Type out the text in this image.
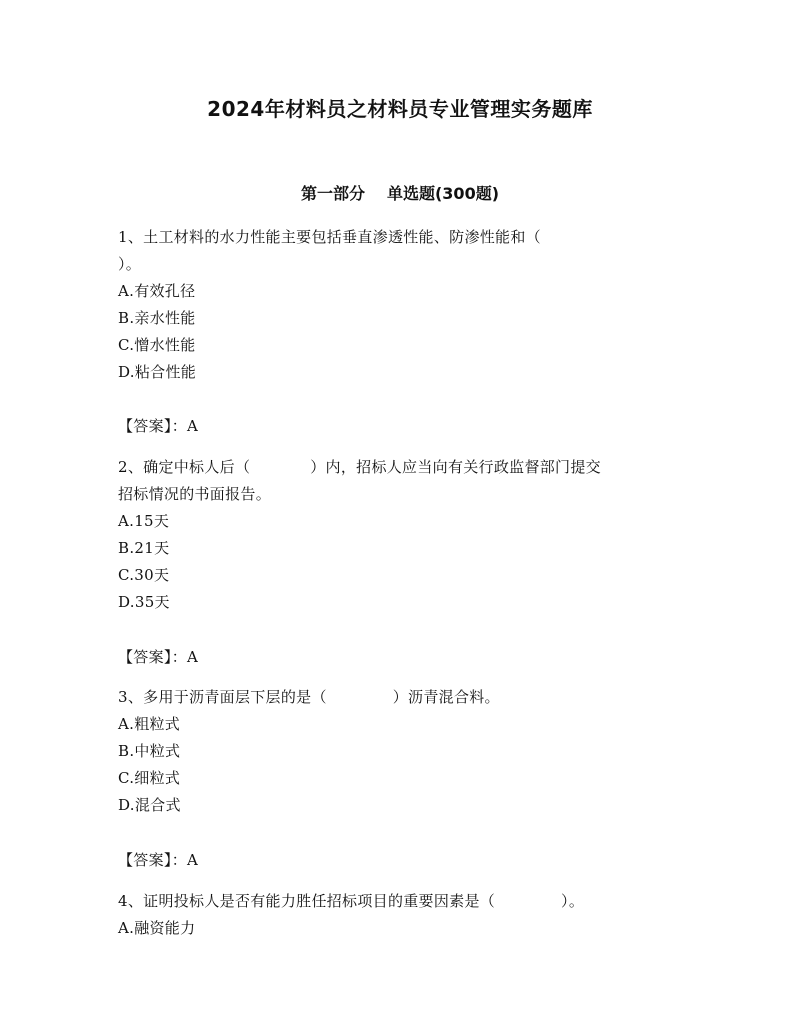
2024年材料员之材料员专业管理实务题库
第一部分 单选题(300题)

1、土工材料的水力性能主要包括垂直渗透性能、防渗性能和（

）。

A.有效孔径

B.亲水性能

C.憎水性能

D.粘合性能

【答案】：A

2、确定中标人后（	）内，招标人应当向有关行政监督部门提交

招标情况的书面报告。

A.15天

B.21天

C.30天

D.35天

【答案】：A

3、多用于沥青面层下层的是（	）沥青混合料。

A.粗粒式

B.中粒式

C.细粒式

D.混合式

【答案】：A

4、证明投标人是否有能力胜任招标项目的重要因素是（	）。

A.融资能力
